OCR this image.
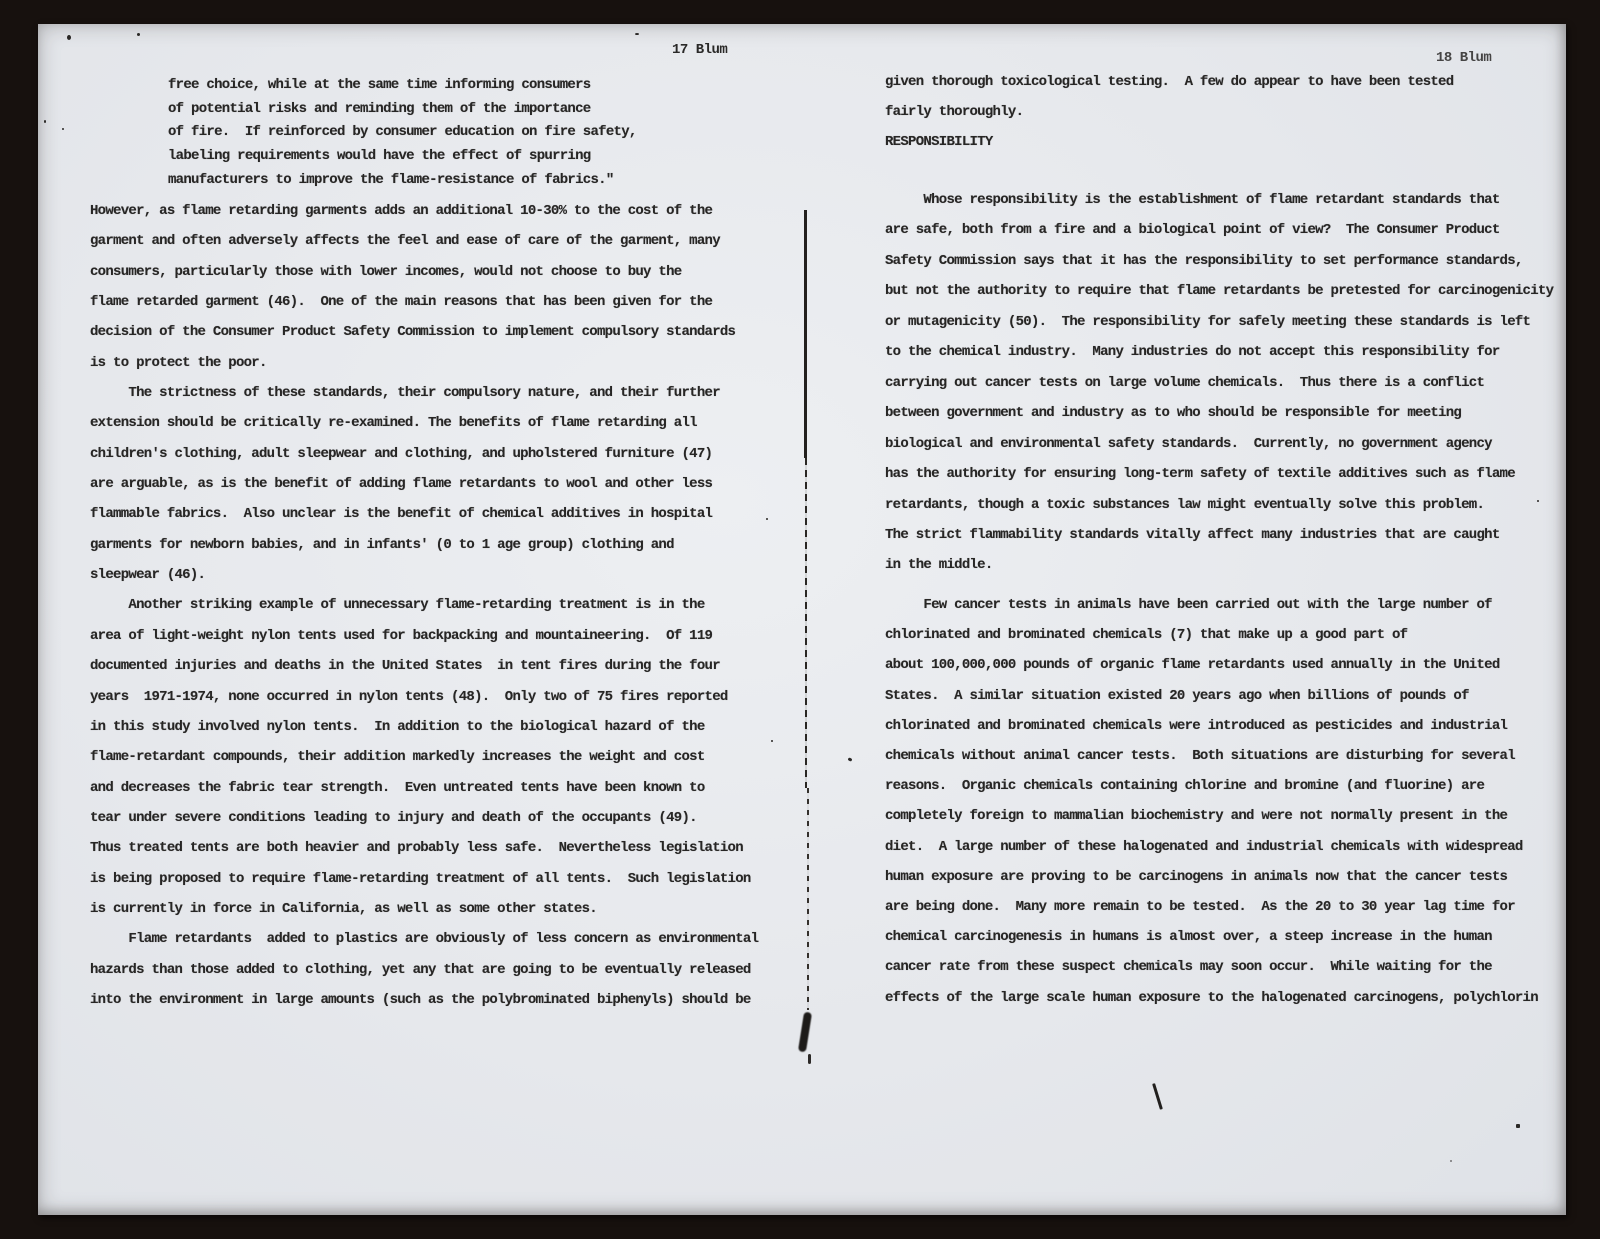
17 Blum	18 Blum
free choice, while at the same time informing consumers
of potential risks and reminding them of the importance
of fire.  If reinforced by consumer education on fire safety,
labeling requirements would have the effect of spurring
manufacturers to improve the flame-resistance of fabrics."
However, as flame retarding garments adds an additional 10-30% to the cost of the
garment and often adversely affects the feel and ease of care of the garment, many
consumers, particularly those with lower incomes, would not choose to buy the
flame retarded garment (46).  One of the main reasons that has been given for the
decision of the Consumer Product Safety Commission to implement compulsory standards
is to protect the poor.
The strictness of these standards, their compulsory nature, and their further
extension should be critically re-examined. The benefits of flame retarding all
children's clothing, adult sleepwear and clothing, and upholstered furniture (47)
are arguable, as is the benefit of adding flame retardants to wool and other less
flammable fabrics.  Also unclear is the benefit of chemical additives in hospital
garments for newborn babies, and in infants' (0 to 1 age group) clothing and
sleepwear (46).
Another striking example of unnecessary flame-retarding treatment is in the
area of light-weight nylon tents used for backpacking and mountaineering.  Of 119
documented injuries and deaths in the United States  in tent fires during the four
years  1971-1974, none occurred in nylon tents (48).  Only two of 75 fires reported
in this study involved nylon tents.  In addition to the biological hazard of the
flame-retardant compounds, their addition markedly increases the weight and cost
and decreases the fabric tear strength.  Even untreated tents have been known to
tear under severe conditions leading to injury and death of the occupants (49).
Thus treated tents are both heavier and probably less safe.  Nevertheless legislation
is being proposed to require flame-retarding treatment of all tents.  Such legislation
is currently in force in California, as well as some other states.
Flame retardants  added to plastics are obviously of less concern as environmental
hazards than those added to clothing, yet any that are going to be eventually released
into the environment in large amounts (such as the polybrominated biphenyls) should be
given thorough toxicological testing.  A few do appear to have been tested
fairly thoroughly.
RESPONSIBILITY
Whose responsibility is the establishment of flame retardant standards that
are safe, both from a fire and a biological point of view?  The Consumer Product
Safety Commission says that it has the responsibility to set performance standards,
but not the authority to require that flame retardants be pretested for carcinogenicity
or mutagenicity (50).  The responsibility for safely meeting these standards is left
to the chemical industry.  Many industries do not accept this responsibility for
carrying out cancer tests on large volume chemicals.  Thus there is a conflict
between government and industry as to who should be responsible for meeting
biological and environmental safety standards.  Currently, no government agency
has the authority for ensuring long-term safety of textile additives such as flame
retardants, though a toxic substances law might eventually solve this problem.
The strict flammability standards vitally affect many industries that are caught
in the middle.
Few cancer tests in animals have been carried out with the large number of
chlorinated and brominated chemicals (7) that make up a good part of
about 100,000,000 pounds of organic flame retardants used annually in the United
States.  A similar situation existed 20 years ago when billions of pounds of
chlorinated and brominated chemicals were introduced as pesticides and industrial
chemicals without animal cancer tests.  Both situations are disturbing for several
reasons.  Organic chemicals containing chlorine and bromine (and fluorine) are
completely foreign to mammalian biochemistry and were not normally present in the
diet.  A large number of these halogenated and industrial chemicals with widespread
human exposure are proving to be carcinogens in animals now that the cancer tests
are being done.  Many more remain to be tested.  As the 20 to 30 year lag time for
chemical carcinogenesis in humans is almost over, a steep increase in the human
cancer rate from these suspect chemicals may soon occur.  While waiting for the
effects of the large scale human exposure to the halogenated carcinogens, polychlorin
